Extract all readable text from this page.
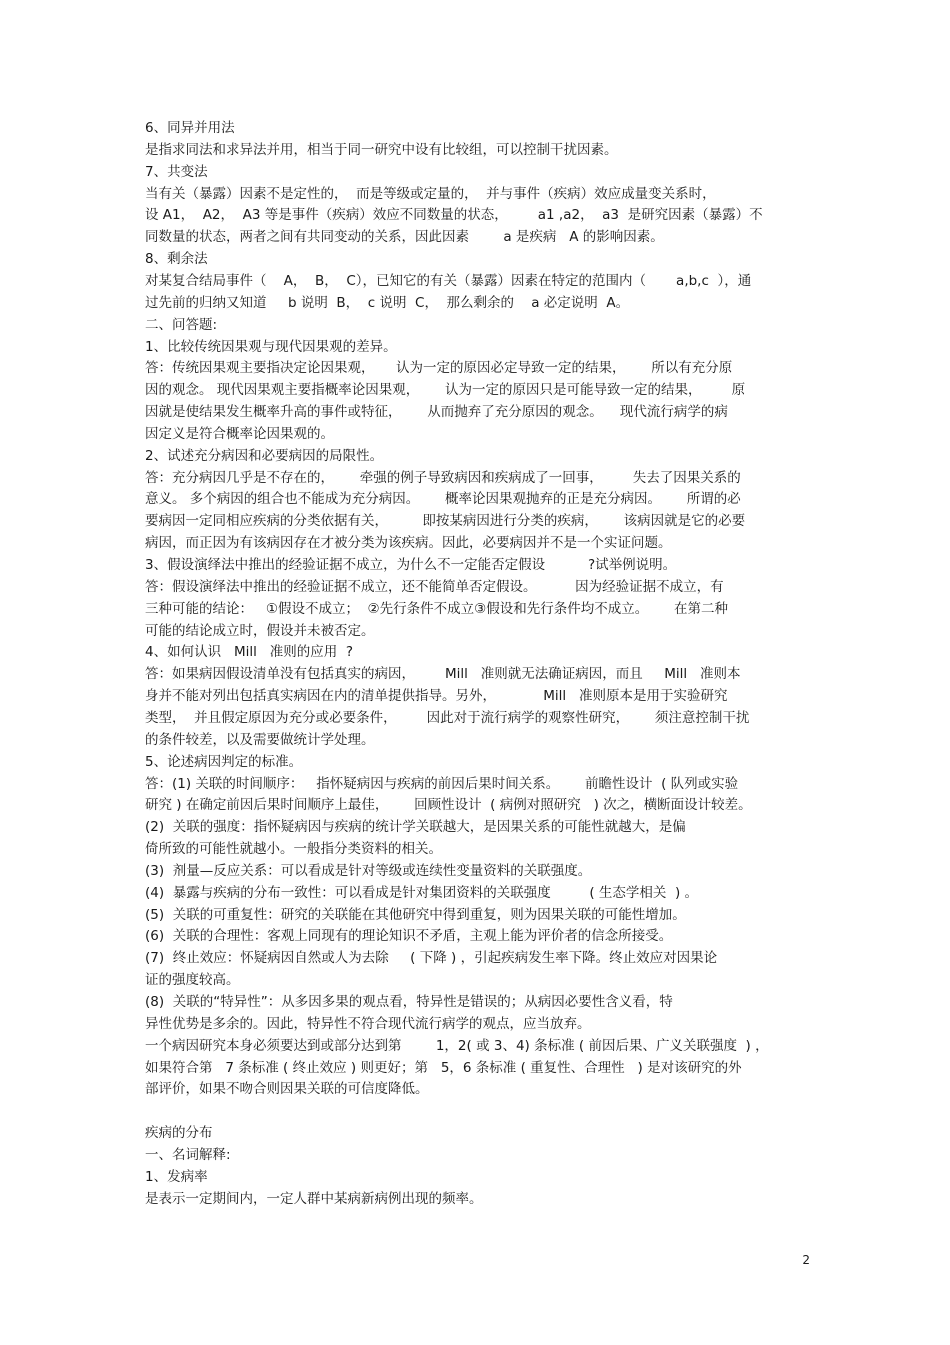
6、同异并用法
是指求同法和求异法并用，相当于同一研究中设有比较组，可以控制干扰因素。
7、共变法
当有关（暴露）因素不是定性的，  而是等级或定量的，  并与事件（疾病）效应成量变关系时，
设 A1，  A2，  A3 等是事件（疾病）效应不同数量的状态，       a1 ,a2，  a3  是研究因素（暴露）不
同数量的状态，两者之间有共同变动的关系，因此因素        a 是疾病   A 的影响因素。
8、剩余法
对某复合结局事件（    A，  B，  C），已知它的有关（暴露）因素在特定的范围内（       a,b,c  ），通
过先前的归纳又知道     b 说明  B，  c 说明  C，  那么剩余的    a 必定说明  A。
二、问答题:
1、比较传统因果观与现代因果观的差异。
答：传统因果观主要指决定论因果观，     认为一定的原因必定导致一定的结果，      所以有充分原
因的观念。 现代因果观主要指概率论因果观，      认为一定的原因只是可能导致一定的结果，       原
因就是使结果发生概率升高的事件或特征，      从而抛弃了充分原因的观念。    现代流行病学的病
因定义是符合概率论因果观的。
2、试述充分病因和必要病因的局限性。
答：充分病因几乎是不存在的，      牵强的例子导致病因和疾病成了一回事，       失去了因果关系的
意义。 多个病因的组合也不能成为充分病因。      概率论因果观抛弃的正是充分病因。      所谓的必
要病因一定同相应疾病的分类依据有关，        即按某病因进行分类的疾病，      该病因就是它的必要
病因，而正因为有该病因存在才被分类为该疾病。因此，必要病因并不是一个实证问题。
3、假设演绎法中推出的经验证据不成立，为什么不一定能否定假设          ?试举例说明。
答：假设演绎法中推出的经验证据不成立，还不能简单否定假设。         因为经验证据不成立，有
三种可能的结论：   ①假设不成立；  ②先行条件不成立③假设和先行条件均不成立。      在第二种
可能的结论成立时，假设并未被否定。
4、如何认识   Mill   准则的应用  ?
答：如果病因假设清单没有包括真实的病因，       Mill   准则就无法确证病因，而且     Mill   准则本
身并不能对列出包括真实病因在内的清单提供指导。另外，           Mill   准则原本是用于实验研究
类型，  并且假定原因为充分或必要条件，       因此对于流行病学的观察性研究，      须注意控制干扰
的条件较差，以及需要做统计学处理。
5、论述病因判定的标准。
答：(1) 关联的时间顺序：   指怀疑病因与疾病的前因后果时间关系。      前瞻性设计  ( 队列或实验
研究 ) 在确定前因后果时间顺序上最佳，      回顾性设计  ( 病例对照研究   ) 次之，横断面设计较差。
(2)  关联的强度：指怀疑病因与疾病的统计学关联越大，是因果关系的可能性就越大，是偏
倚所致的可能性就越小。一般指分类资料的相关。
(3)  剂量—反应关系：可以看成是针对等级或连续性变量资料的关联强度。
(4)  暴露与疾病的分布一致性：可以看成是针对集团资料的关联强度         ( 生态学相关  ) 。
(5)  关联的可重复性：研究的关联能在其他研究中得到重复，则为因果关联的可能性增加。
(6)  关联的合理性：客观上同现有的理论知识不矛盾，主观上能为评价者的信念所接受。
(7)  终止效应：怀疑病因自然或人为去除     ( 下降 ) ，引起疾病发生率下降。终止效应对因果论
证的强度较高。
(8)  关联的“特异性”：从多因多果的观点看，特异性是错误的；从病因必要性含义看，特
异性优势是多余的。因此，特异性不符合现代流行病学的观点，应当放弃。
一个病因研究本身必须要达到或部分达到第        1，2( 或 3、4) 条标准 ( 前因后果、广义关联强度  ) ，
如果符合第   7 条标准 ( 终止效应 ) 则更好；第   5，6 条标准 ( 重复性、合理性   ) 是对该研究的外
部评价，如果不吻合则因果关联的可信度降低。
疾病的分布
一、名词解释:
1、发病率
是表示一定期间内，一定人群中某病新病例出现的频率。
2
